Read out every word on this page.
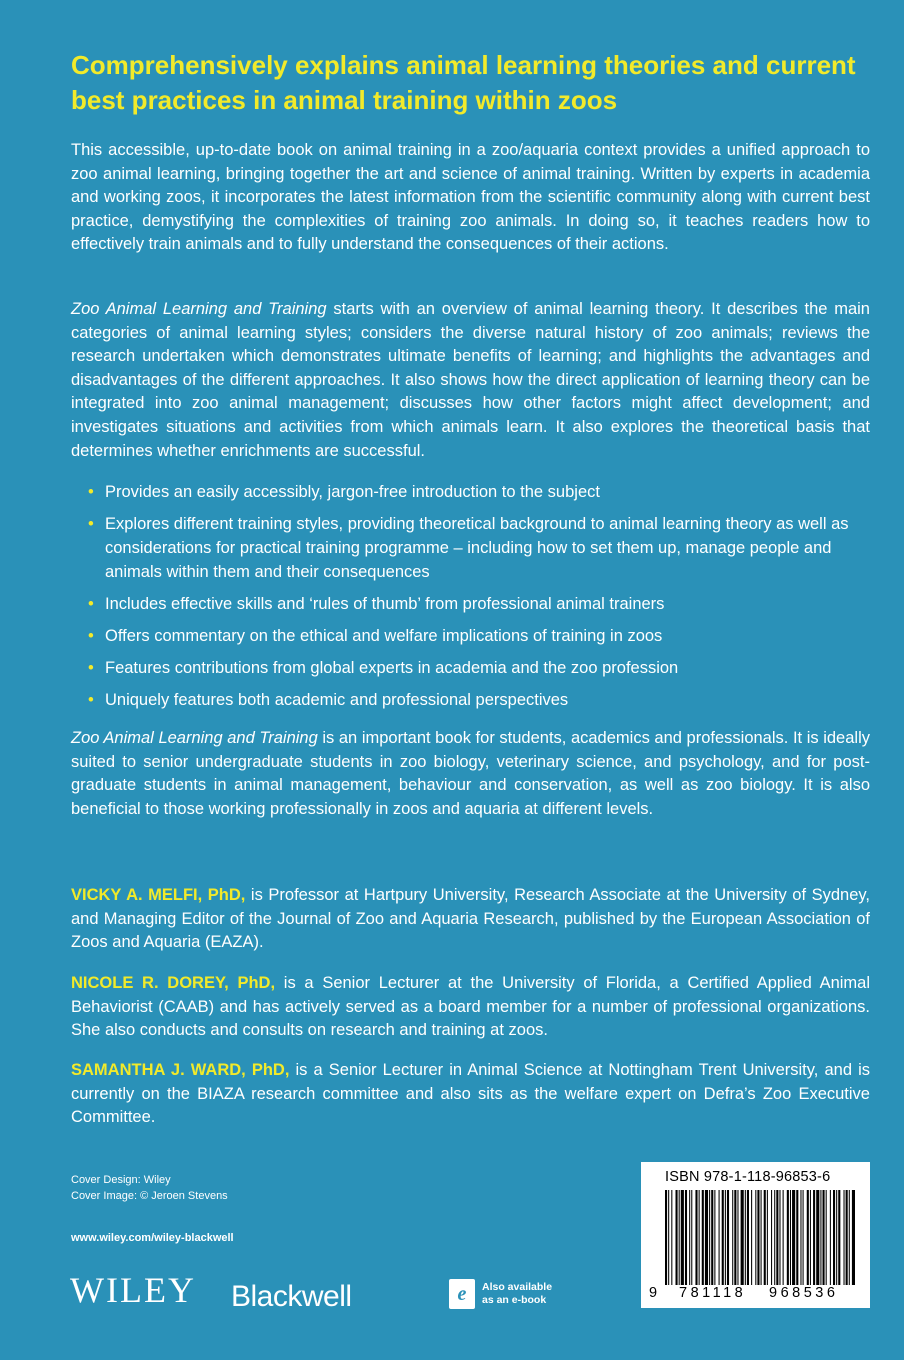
Comprehensively explains animal learning theories and current best practices in animal training within zoos

This accessible, up-to-date book on animal training in a zoo/aquaria context provides a unified approach to zoo animal learning, bringing together the art and science of animal training. Written by experts in academia and working zoos, it incorporates the latest information from the scientific community along with current best practice, demystifying the complexities of training zoo animals. In doing so, it teaches readers how to effectively train animals and to fully understand the consequences of their actions.

Zoo Animal Learning and Training starts with an overview of animal learning theory. It describes the main categories of animal learning styles; considers the diverse natural history of zoo animals; reviews the research undertaken which demonstrates ultimate benefits of learning; and highlights the advantages and disadvantages of the different approaches. It also shows how the direct application of learning theory can be integrated into zoo animal management; discusses how other factors might affect development; and investigates situations and activities from which animals learn. It also explores the theoretical basis that determines whether enrichments are successful.

• Provides an easily accessibly, jargon-free introduction to the subject
• Explores different training styles, providing theoretical background to animal learning theory as well as considerations for practical training programme – including how to set them up, manage people and animals within them and their consequences
• Includes effective skills and ‘rules of thumb’ from professional animal trainers
• Offers commentary on the ethical and welfare implications of training in zoos
• Features contributions from global experts in academia and the zoo profession
• Uniquely features both academic and professional perspectives

Zoo Animal Learning and Training is an important book for students, academics and professionals. It is ideally suited to senior undergraduate students in zoo biology, veterinary science, and psychology, and for post-graduate students in animal management, behaviour and conservation, as well as zoo biology. It is also beneficial to those working professionally in zoos and aquaria at different levels.

VICKY A. MELFI, PhD, is Professor at Hartpury University, Research Associate at the University of Sydney, and Managing Editor of the Journal of Zoo and Aquaria Research, published by the European Association of Zoos and Aquaria (EAZA).

NICOLE R. DOREY, PhD, is a Senior Lecturer at the University of Florida, a Certified Applied Animal Behaviorist (CAAB) and has actively served as a board member for a number of professional organizations. She also conducts and consults on research and training at zoos.

SAMANTHA J. WARD, PhD, is a Senior Lecturer in Animal Science at Nottingham Trent University, and is currently on the BIAZA research committee and also sits as the welfare expert on Defra’s Zoo Executive Committee.

Cover Design: Wiley
Cover Image: © Jeroen Stevens
www.wiley.com/wiley-blackwell
WILEY Blackwell	e	Also available
as an e-book
ISBN 978-1-118-96853-6
9 781118 968536
